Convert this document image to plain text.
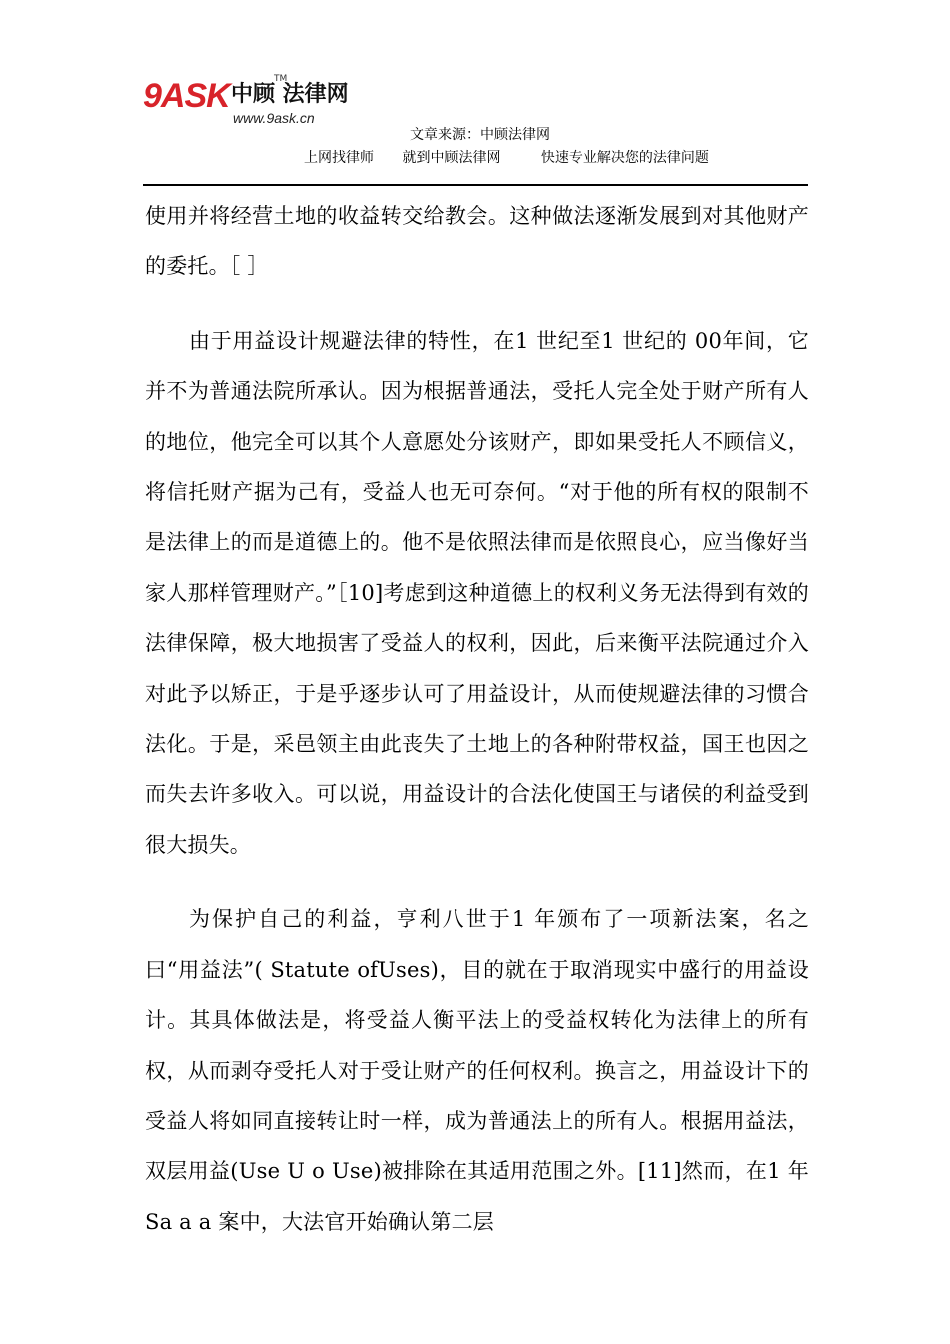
9ASK 中顾 法律网
TM
www.9ask.cn
文章来源：中顾法律网
上网找律师 就到中顾法律网	快速专业解决您的法律问题

使用并将经营土地的收益转交给教会。这种做法逐渐发展到对其他财产的委托。［ ］

由于用益设计规避法律的特性，在1 世纪至1 世纪的 00年间，它并不为普通法院所承认。因为根据普通法，受托人完全处于财产所有人的地位，他完全可以其个人意愿处分该财产，即如果受托人不顾信义，将信托财产据为己有，受益人也无可奈何。“对于他的所有权的限制不是法律上的而是道德上的。他不是依照法律而是依照良心，应当像好当家人那样管理财产。”［10]考虑到这种道德上的权利义务无法得到有效的法律保障，极大地损害了受益人的权利，因此，后来衡平法院通过介入对此予以矫正，于是乎逐步认可了用益设计，从而使规避法律的习惯合法化。于是，采邑领主由此丧失了土地上的各种附带权益，国王也因之而失去许多收入。可以说，用益设计的合法化使国王与诸侯的利益受到很大损失。

为保护自己的利益，亨利八世于1 年颁布了一项新法案，名之曰“用益法”( Statute ofUses)，目的就在于取消现实中盛行的用益设计。其具体做法是，将受益人衡平法上的受益权转化为法律上的所有权，从而剥夺受托人对于受让财产的任何权利。换言之，用益设计下的受益人将如同直接转让时一样，成为普通法上的所有人。根据用益法，双层用益(Use U o Use)被排除在其适用范围之外。[11]然而，在1 年Sa a a 案中，大法官开始确认第二层
